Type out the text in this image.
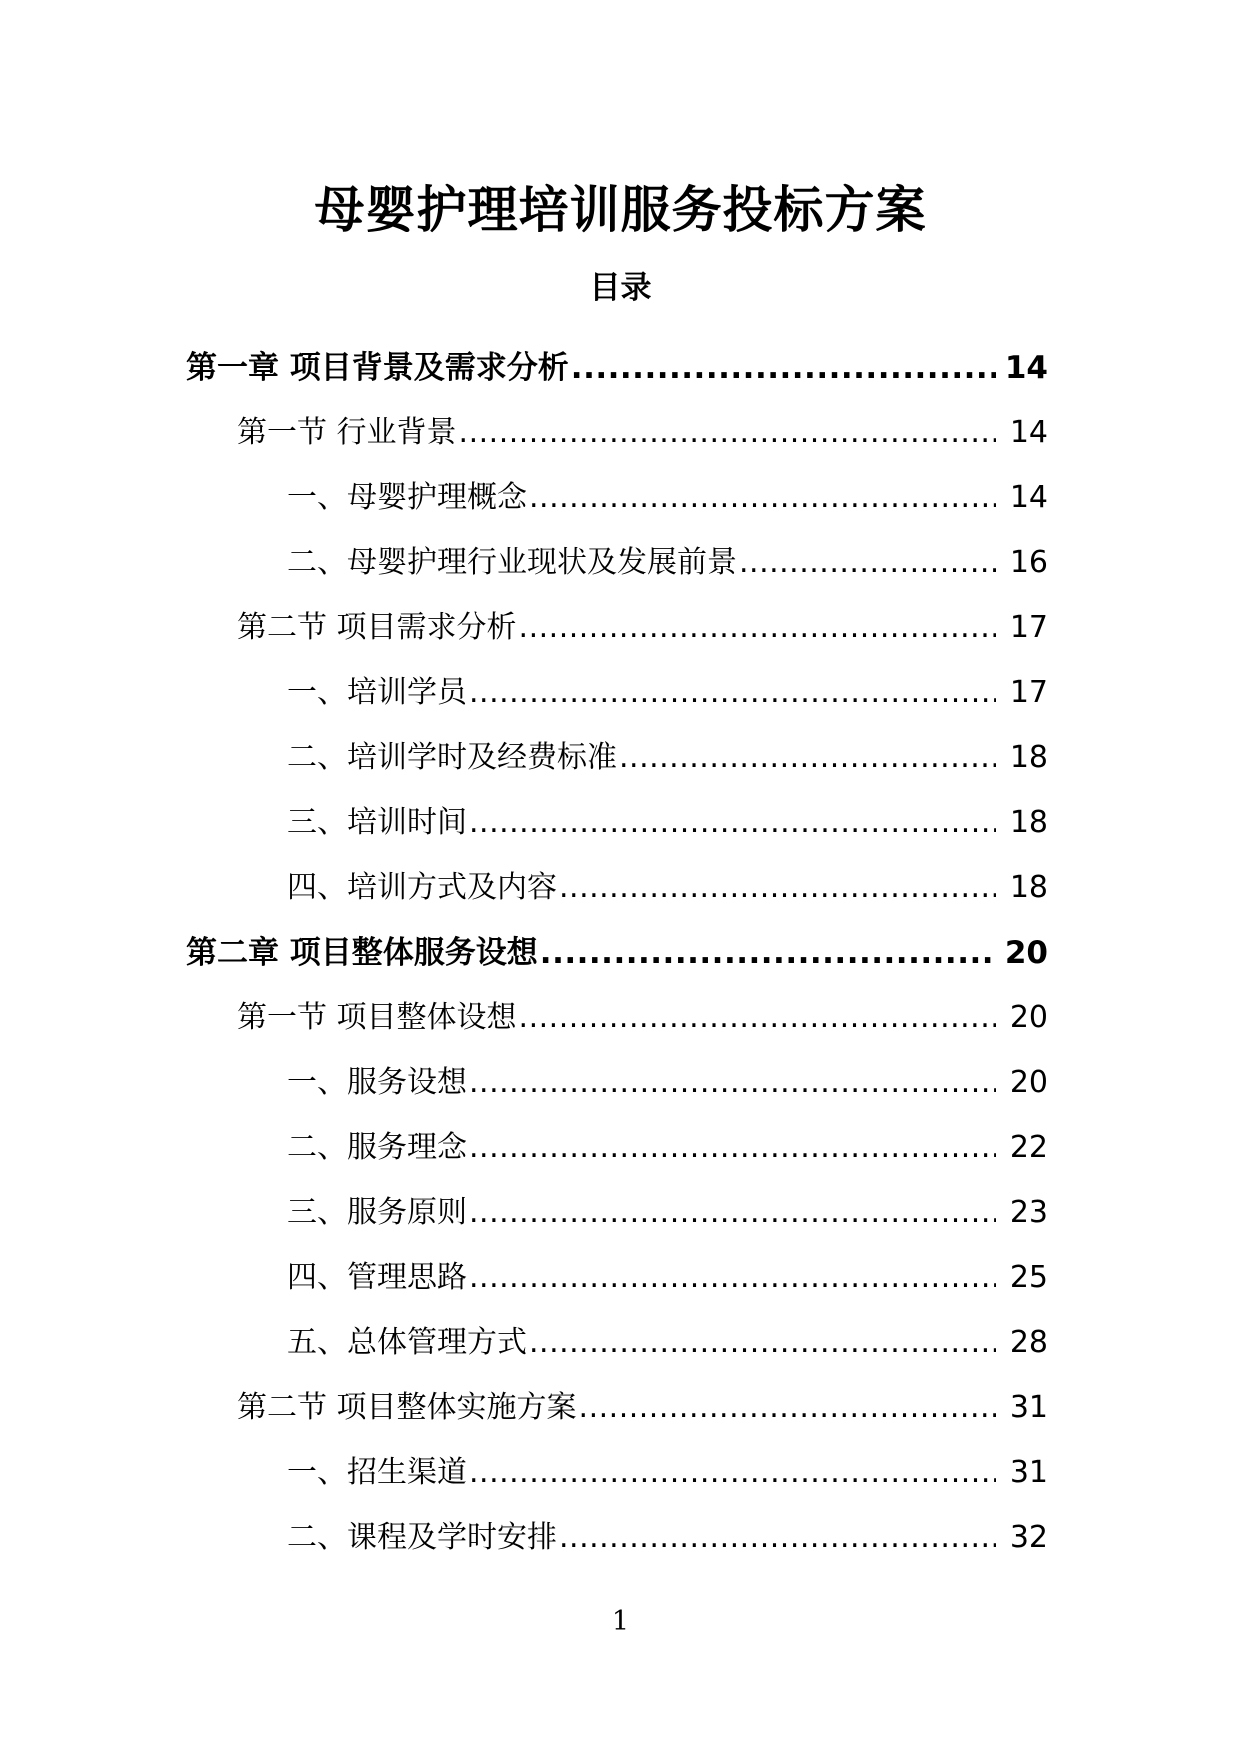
母婴护理培训服务投标方案
目录
第一章 项目背景及需求分析 .....	14
第一节 行业背景 .....	14
一、母婴护理概念 .....	14
二、母婴护理行业现状及发展前景 .....	16
第二节 项目需求分析 .....	17
一、培训学员 .....	17
二、培训学时及经费标准 .....	18
三、培训时间 .....	18
四、培训方式及内容 .....	18
第二章 项目整体服务设想 .....	20
第一节 项目整体设想 .....	20
一、服务设想 .....	20
二、服务理念 .....	22
三、服务原则 .....	23
四、管理思路 .....	25
五、总体管理方式 .....	28
第二节 项目整体实施方案 .....	31
一、招生渠道 .....	31
二、课程及学时安排 .....	32
1
